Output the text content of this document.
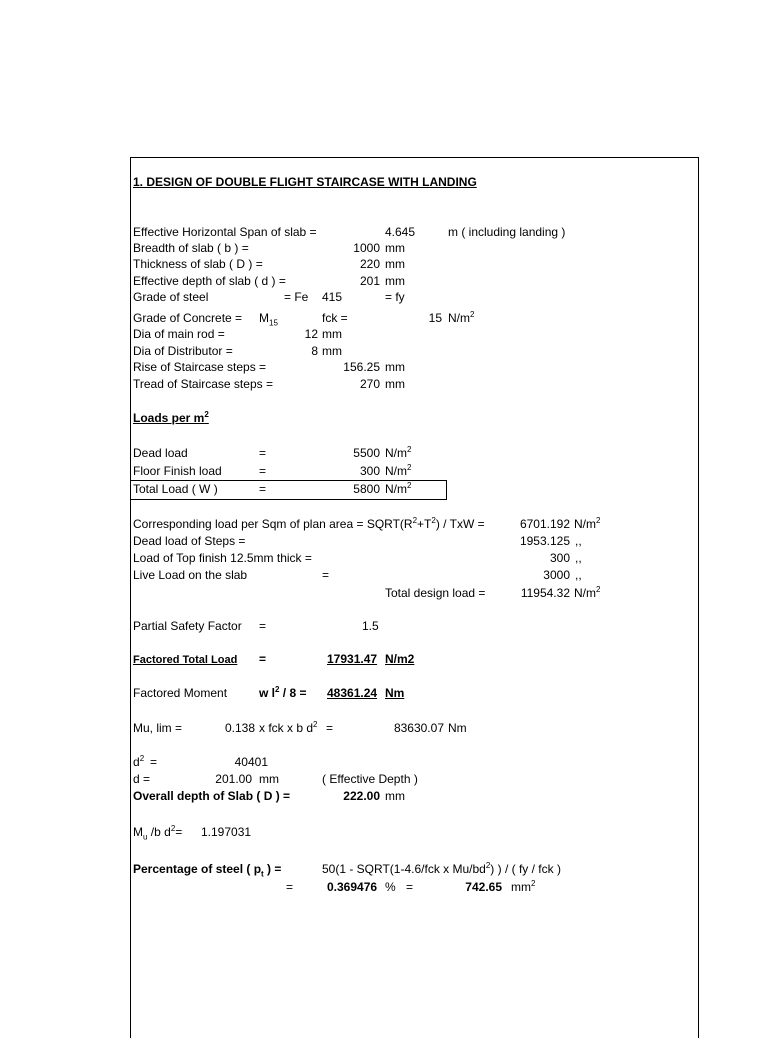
1. DESIGN OF DOUBLE FLIGHT STAIRCASE WITH LANDING
Effective Horizontal Span of slab =	4.645	m ( including landing )
Breadth of slab ( b ) =	1000 mm
Thickness of slab ( D ) =	220 mm
Effective depth of slab ( d ) =	201 mm
Grade of steel	= Fe 415	= fy
Grade of Concrete = $M_{15}$	fck =	15 $N/m^2$
Dia of main rod =	12 mm
Dia of Distributor =	8 mm
Rise of Staircase steps =	156.25 mm
Tread of Staircase steps =	270 mm
Loads per $m^2$
Dead load	=	5500 $N/m^2$
Floor Finish load	=	300 $N/m^2$
Total Load ( W )	=	5800 $N/m^2$
Corresponding load per Sqm of plan area = $SQRT(R^2+T^2)$ / TxW =	6701.192 $N/m^2$
Dead load of Steps =	1953.125 ,,
Load of Top finish 12.5mm thick =	300 ,,
Live Load on the slab	=	3000 ,,
Total design load =	11954.32 $N/m^2$
Partial Safety Factor =	1.5
Factored Total Load =	17931.47 N/m2
Factored Moment	w $l^2 / 8 = 48361.24$ Nm
Mu, lim =	0.138 x fck x b $d^2$ =	83630.07 Nm
$d^2$ =	40401
d =	201.00 mm	( Effective Depth )
Overall depth of Slab ( D ) =	222.00 mm
$M_u$ /b $d^2= 1.197031$
Percentage of steel ( $p_t$ ) =	50(1 - SQRT(1-4.6/fck x $Mu/bd^2$) ) / ( fy / fck )
=	0.369476 % =	742.65 $mm^2$
